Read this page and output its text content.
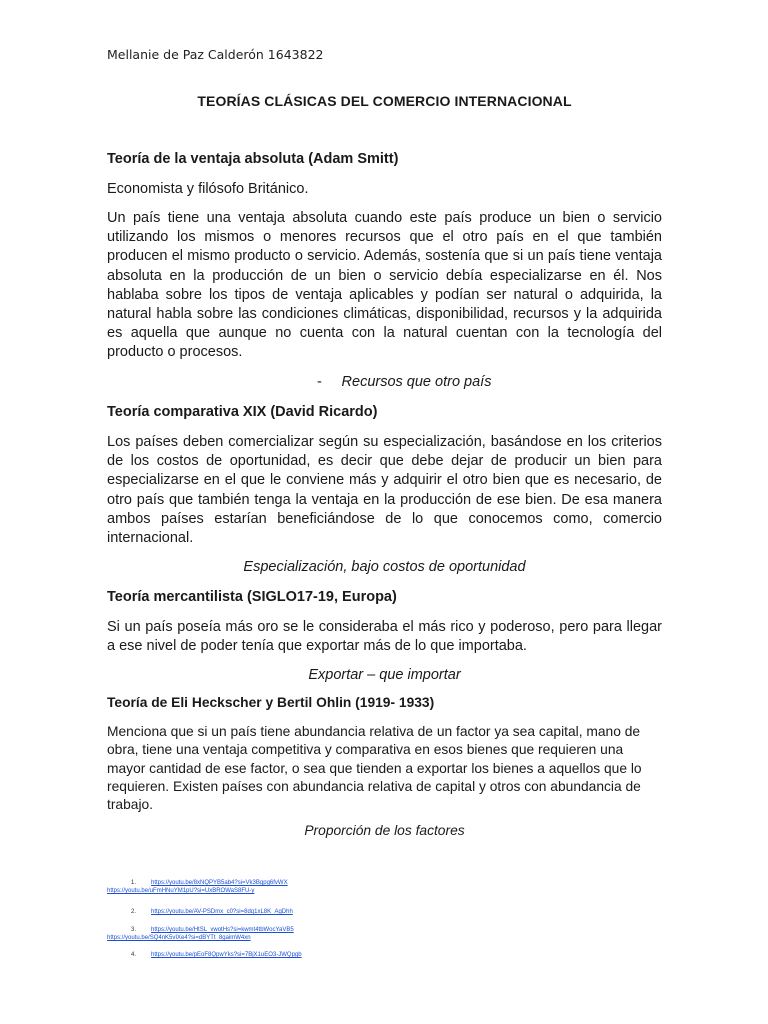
Mellanie de Paz Calderón 1643822
TEORÍAS CLÁSICAS DEL COMERCIO INTERNACIONAL
Teoría de la ventaja absoluta (Adam Smitt)
Economista y filósofo Británico.

Un país tiene una ventaja absoluta cuando este país produce un bien o servicio utilizando los mismos o menores recursos que el otro país en el que también producen el mismo producto o servicio. Además, sostenía que si un país tiene ventaja absoluta en la producción de un bien o servicio debía especializarse en él. Nos hablaba sobre los tipos de ventaja aplicables y podían ser natural o adquirida, la natural habla sobre las condiciones climáticas, disponibilidad, recursos y la adquirida es aquella que aunque no cuenta con la natural cuentan con la tecnología del producto o procesos.

-	Recursos que otro país
Teoría comparativa XIX (David Ricardo)

Los países deben comercializar según su especialización, basándose en los criterios de los costos de oportunidad, es decir que debe dejar de producir un bien para especializarse en el que le conviene más y adquirir el otro bien que es necesario, de otro país que también tenga la ventaja en la producción de ese bien. De esa manera ambos países estarían beneficiándose de lo que conocemos como, comercio internacional.

Especialización, bajo costos de oportunidad
Teoría mercantilista (SIGLO17-19, Europa)

Si un país poseía más oro se le consideraba el más rico y poderoso, pero para llegar a ese nivel de poder tenía que exportar más de lo que importaba.

Exportar – que importar
Teoría de Eli Heckscher y Bertil Ohlin (1919- 1933)

Menciona que si un país tiene abundancia relativa de un factor ya sea capital, mano de obra, tiene una ventaja competitiva y comparativa en esos bienes que requieren una mayor cantidad de ese factor, o sea que tienden a exportar los bienes a aquellos que lo requieren. Existen países con abundancia relativa de capital y otros con abundancia de trabajo.

Proporción de los factores
1. https://youtu.be/8xNQPYB5ab4?si=Vk3Bgpg6fvWX
https://youtu.be/uFmHNuYM1pU?si=UxBROWaS8FU-y
2. https://youtu.be/AV-PSDmx_c0?si=8dq1xL8K_AgDhh
3. https://youtu.be/HtSL_vwotHs?si=kwmt4tbWocYaVB5
https://youtu.be/SQ4nK5vIXe4?si=dBYTt_8gaimW4xn
4. https://youtu.be/pEoF8QpwYks?si=7BjX1uEO3-JWQpgb
